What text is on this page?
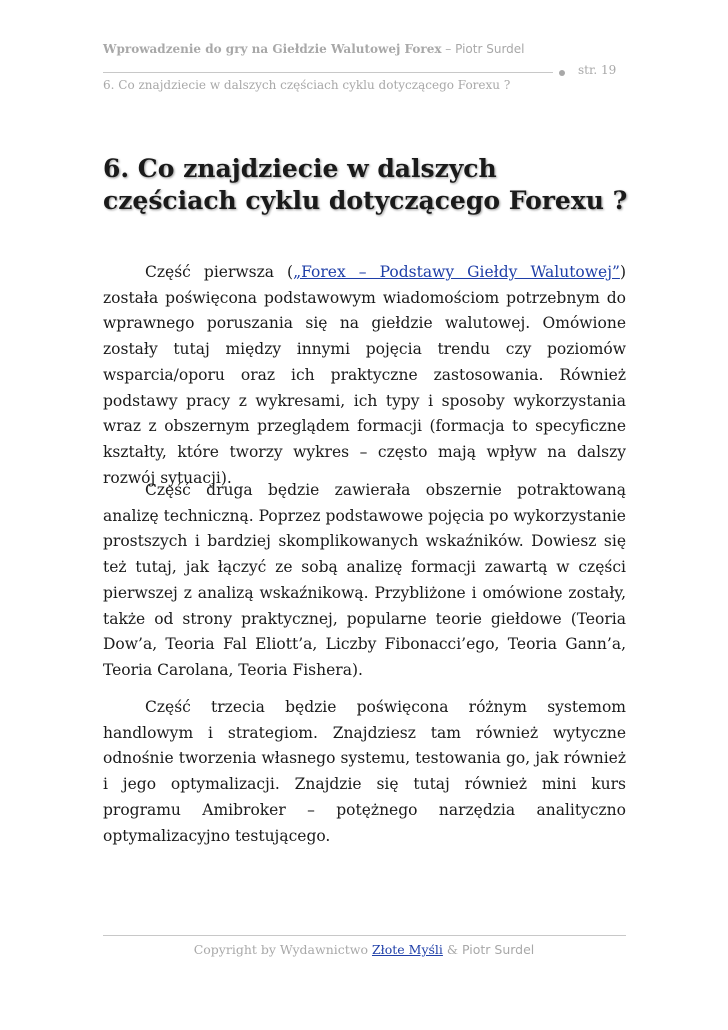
Wprowadzenie do gry na Giełdzie Walutowej Forex – Piotr Surdel
6. Co znajdziecie w dalszych częściach cyklu dotyczącego Forexu ?
str. 19
6. Co znajdziecie w dalszych częściach cyklu dotyczącego Forexu ?

Część pierwsza („Forex – Podstawy Giełdy Walutowej”) została poświęcona podstawowym wiadomościom potrzebnym do wprawnego poruszania się na giełdzie walutowej. Omówione zostały tutaj między innymi pojęcia trendu czy poziomów wsparcia/oporu oraz ich praktyczne zastosowania. Również podstawy pracy z wykresami, ich typy i sposoby wykorzystania wraz z obszernym przeglądem formacji (formacja to specyficzne kształty, które tworzy wykres – często mają wpływ na dalszy rozwój sytuacji).

Część druga będzie zawierała obszernie potraktowaną analizę techniczną. Poprzez podstawowe pojęcia po wykorzystanie prostszych i bardziej skomplikowanych wskaźników. Dowiesz się też tutaj, jak łączyć ze sobą analizę formacji zawartą w części pierwszej z analizą wskaźnikową. Przybliżone i omówione zostały, także od strony praktycznej, popularne teorie giełdowe (Teoria Dow’a, Teoria Fal Eliott’a, Liczby Fibonacci’ego, Teoria Gann’a, Teoria Carolana, Teoria Fishera).

Część trzecia będzie poświęcona różnym systemom handlowym i strategiom. Znajdziesz tam również wytyczne odnośnie tworzenia własnego systemu, testowania go, jak również i jego optymalizacji. Znajdzie się tutaj również mini kurs programu Amibroker – potężnego narzędzia analityczno optymalizacyjno testującego.

Copyright by Wydawnictwo Złote Myśli & Piotr Surdel
